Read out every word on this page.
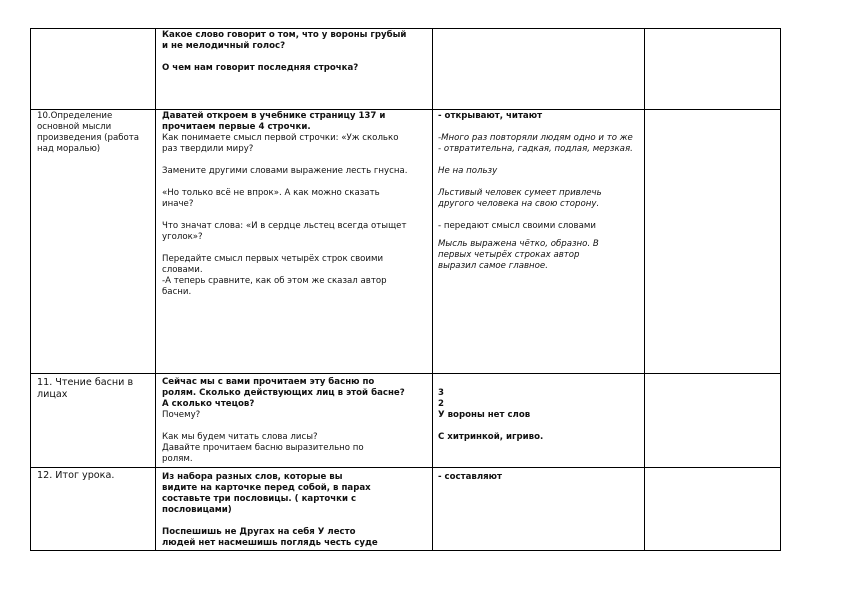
Какое слово говорит о том, что у вороны грубый
и не мелодичный голос?

О чем нам говорит последняя строчка?

10.Определение основной мысли произведения (работа над моралью)

Даватей откроем в учебнике страницу 137 и
прочитаем первые 4 строчки.

Как понимаете смысл первой строчки: «Уж сколько
раз твердили миру?

Замените другими словами выражение лесть гнусна.

«Но только всё не впрок». А как можно сказать
иначе?

Что значат слова: «И в сердце льстец всегда отыщет
уголок»?

Передайте смысл первых четырёх строк своими
словами.

-А теперь сравните, как об этом же сказал автор
басни.

- открывают, читают

-Много раз повторяли людям одно и то же
- отвратительна, гадкая, подлая, мерзкая.

Не на пользу

Льстивый человек сумеет привлечь
другого человека на свою сторону.

- передают смысл своими словами

Мысль выражена чётко, образно. В
первых четырёх строках автор
выразил самое главное.

11. Чтение басни в лицах

Сейчас мы с вами прочитаем эту басню по
ролям. Сколько действующих лиц в этой басне?
А сколько чтецов?

Почему?

Как мы будем читать слова лисы?
Давайте прочитаем басню выразительно по
ролям.

3
2
У вороны нет слов

С хитринкой, игриво.

12. Итог урока.	Из набора разных слов, которые вы
видите на карточке перед собой, в парах
составьте три пословицы. ( карточки с
пословицами)

Поспешишь не Другах на себя У лесто
людей нет насмешишь поглядь честь суде

- составляют
